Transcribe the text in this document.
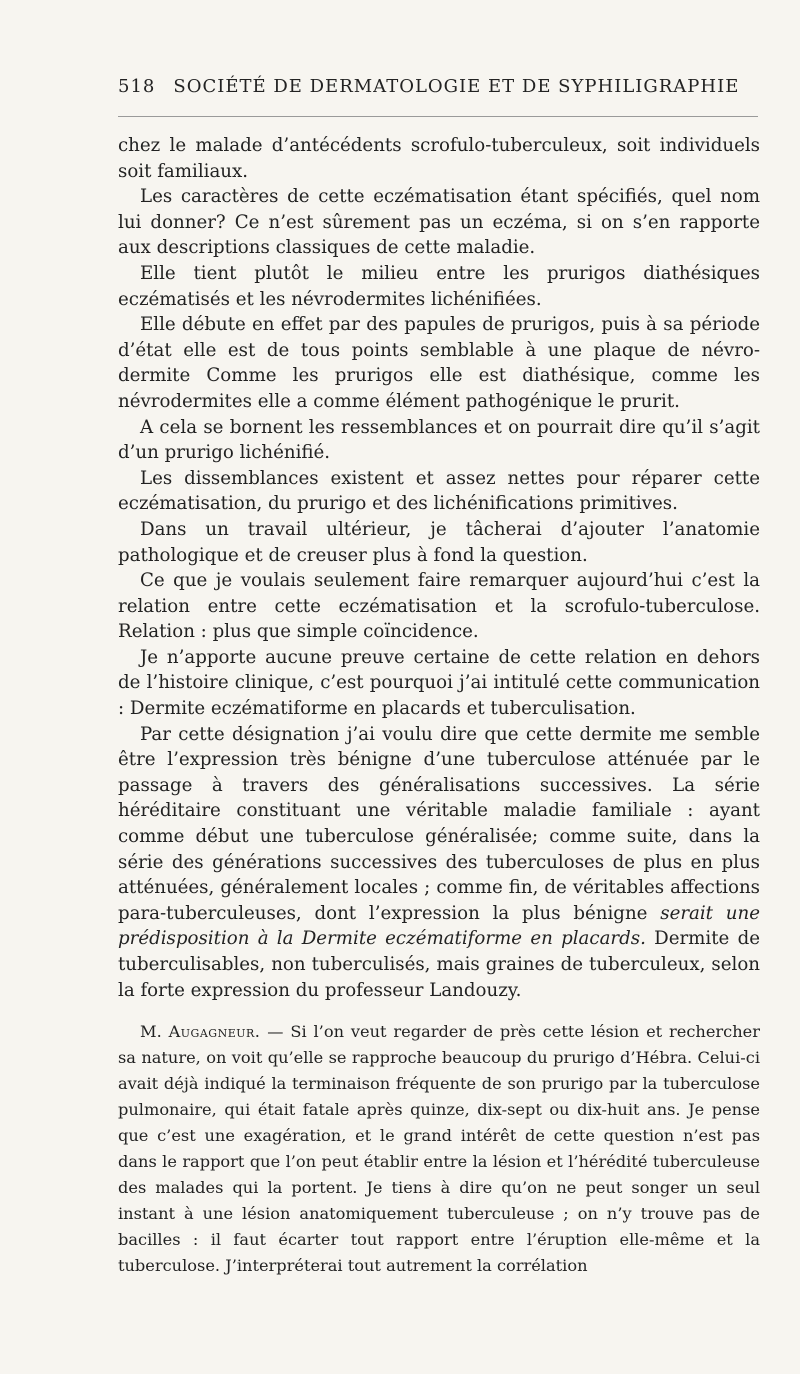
518 SOCIÉTÉ DE DERMATOLOGIE ET DE SYPHILIGRAPHIE

chez le malade d’antécédents scrofulo-tuberculeux, soit individuels soit familiaux.

Les caractères de cette eczématisation étant spécifiés, quel nom lui donner? Ce n’est sûrement pas un eczéma, si on s’en rapporte aux descriptions classiques de cette maladie.

Elle tient plutôt le milieu entre les prurigos diathésiques eczématisés et les névrodermites lichénifiées.

Elle débute en effet par des papules de prurigos, puis à sa période d’état elle est de tous points semblable à une plaque de névro-dermite Comme les prurigos elle est diathésique, comme les névrodermites elle a comme élément pathogénique le prurit.

A cela se bornent les ressemblances et on pourrait dire qu’il s’agit d’un prurigo lichénifié.

Les dissemblances existent et assez nettes pour réparer cette eczématisation, du prurigo et des lichénifications primitives.

Dans un travail ultérieur, je tâcherai d’ajouter l’anatomie pathologique et de creuser plus à fond la question.

Ce que je voulais seulement faire remarquer aujourd’hui c’est la relation entre cette eczématisation et la scrofulo-tuberculose. Relation : plus que simple coïncidence.

Je n’apporte aucune preuve certaine de cette relation en dehors de l’histoire clinique, c’est pourquoi j’ai intitulé cette communication : Dermite eczématiforme en placards et tuberculisation.

Par cette désignation j’ai voulu dire que cette dermite me semble être l’expression très bénigne d’une tuberculose atténuée par le passage à travers des généralisations successives. La série héréditaire constituant une véritable maladie familiale : ayant comme début une tuberculose généralisée; comme suite, dans la série des générations successives des tuberculoses de plus en plus atténuées, généralement locales ; comme fin, de véritables affections para-tuberculeuses, dont l’expression la plus bénigne serait une prédisposition à la Dermite eczématiforme en placards. Dermite de tuberculisables, non tuberculisés, mais graines de tuberculeux, selon la forte expression du professeur Landouzy.

M. Augagneur. — Si l’on veut regarder de près cette lésion et rechercher sa nature, on voit qu’elle se rapproche beaucoup du prurigo d’Hébra. Celui-ci avait déjà indiqué la terminaison fréquente de son prurigo par la tuberculose pulmonaire, qui était fatale après quinze, dix-sept ou dix-huit ans. Je pense que c’est une exagération, et le grand intérêt de cette question n’est pas dans le rapport que l’on peut établir entre la lésion et l’hérédité tuberculeuse des malades qui la portent. Je tiens à dire qu’on ne peut songer un seul instant à une lésion anatomiquement tuberculeuse ; on n’y trouve pas de bacilles : il faut écarter tout rapport entre l’éruption elle-même et la tuberculose. J’interpréterai tout autrement la corrélation
